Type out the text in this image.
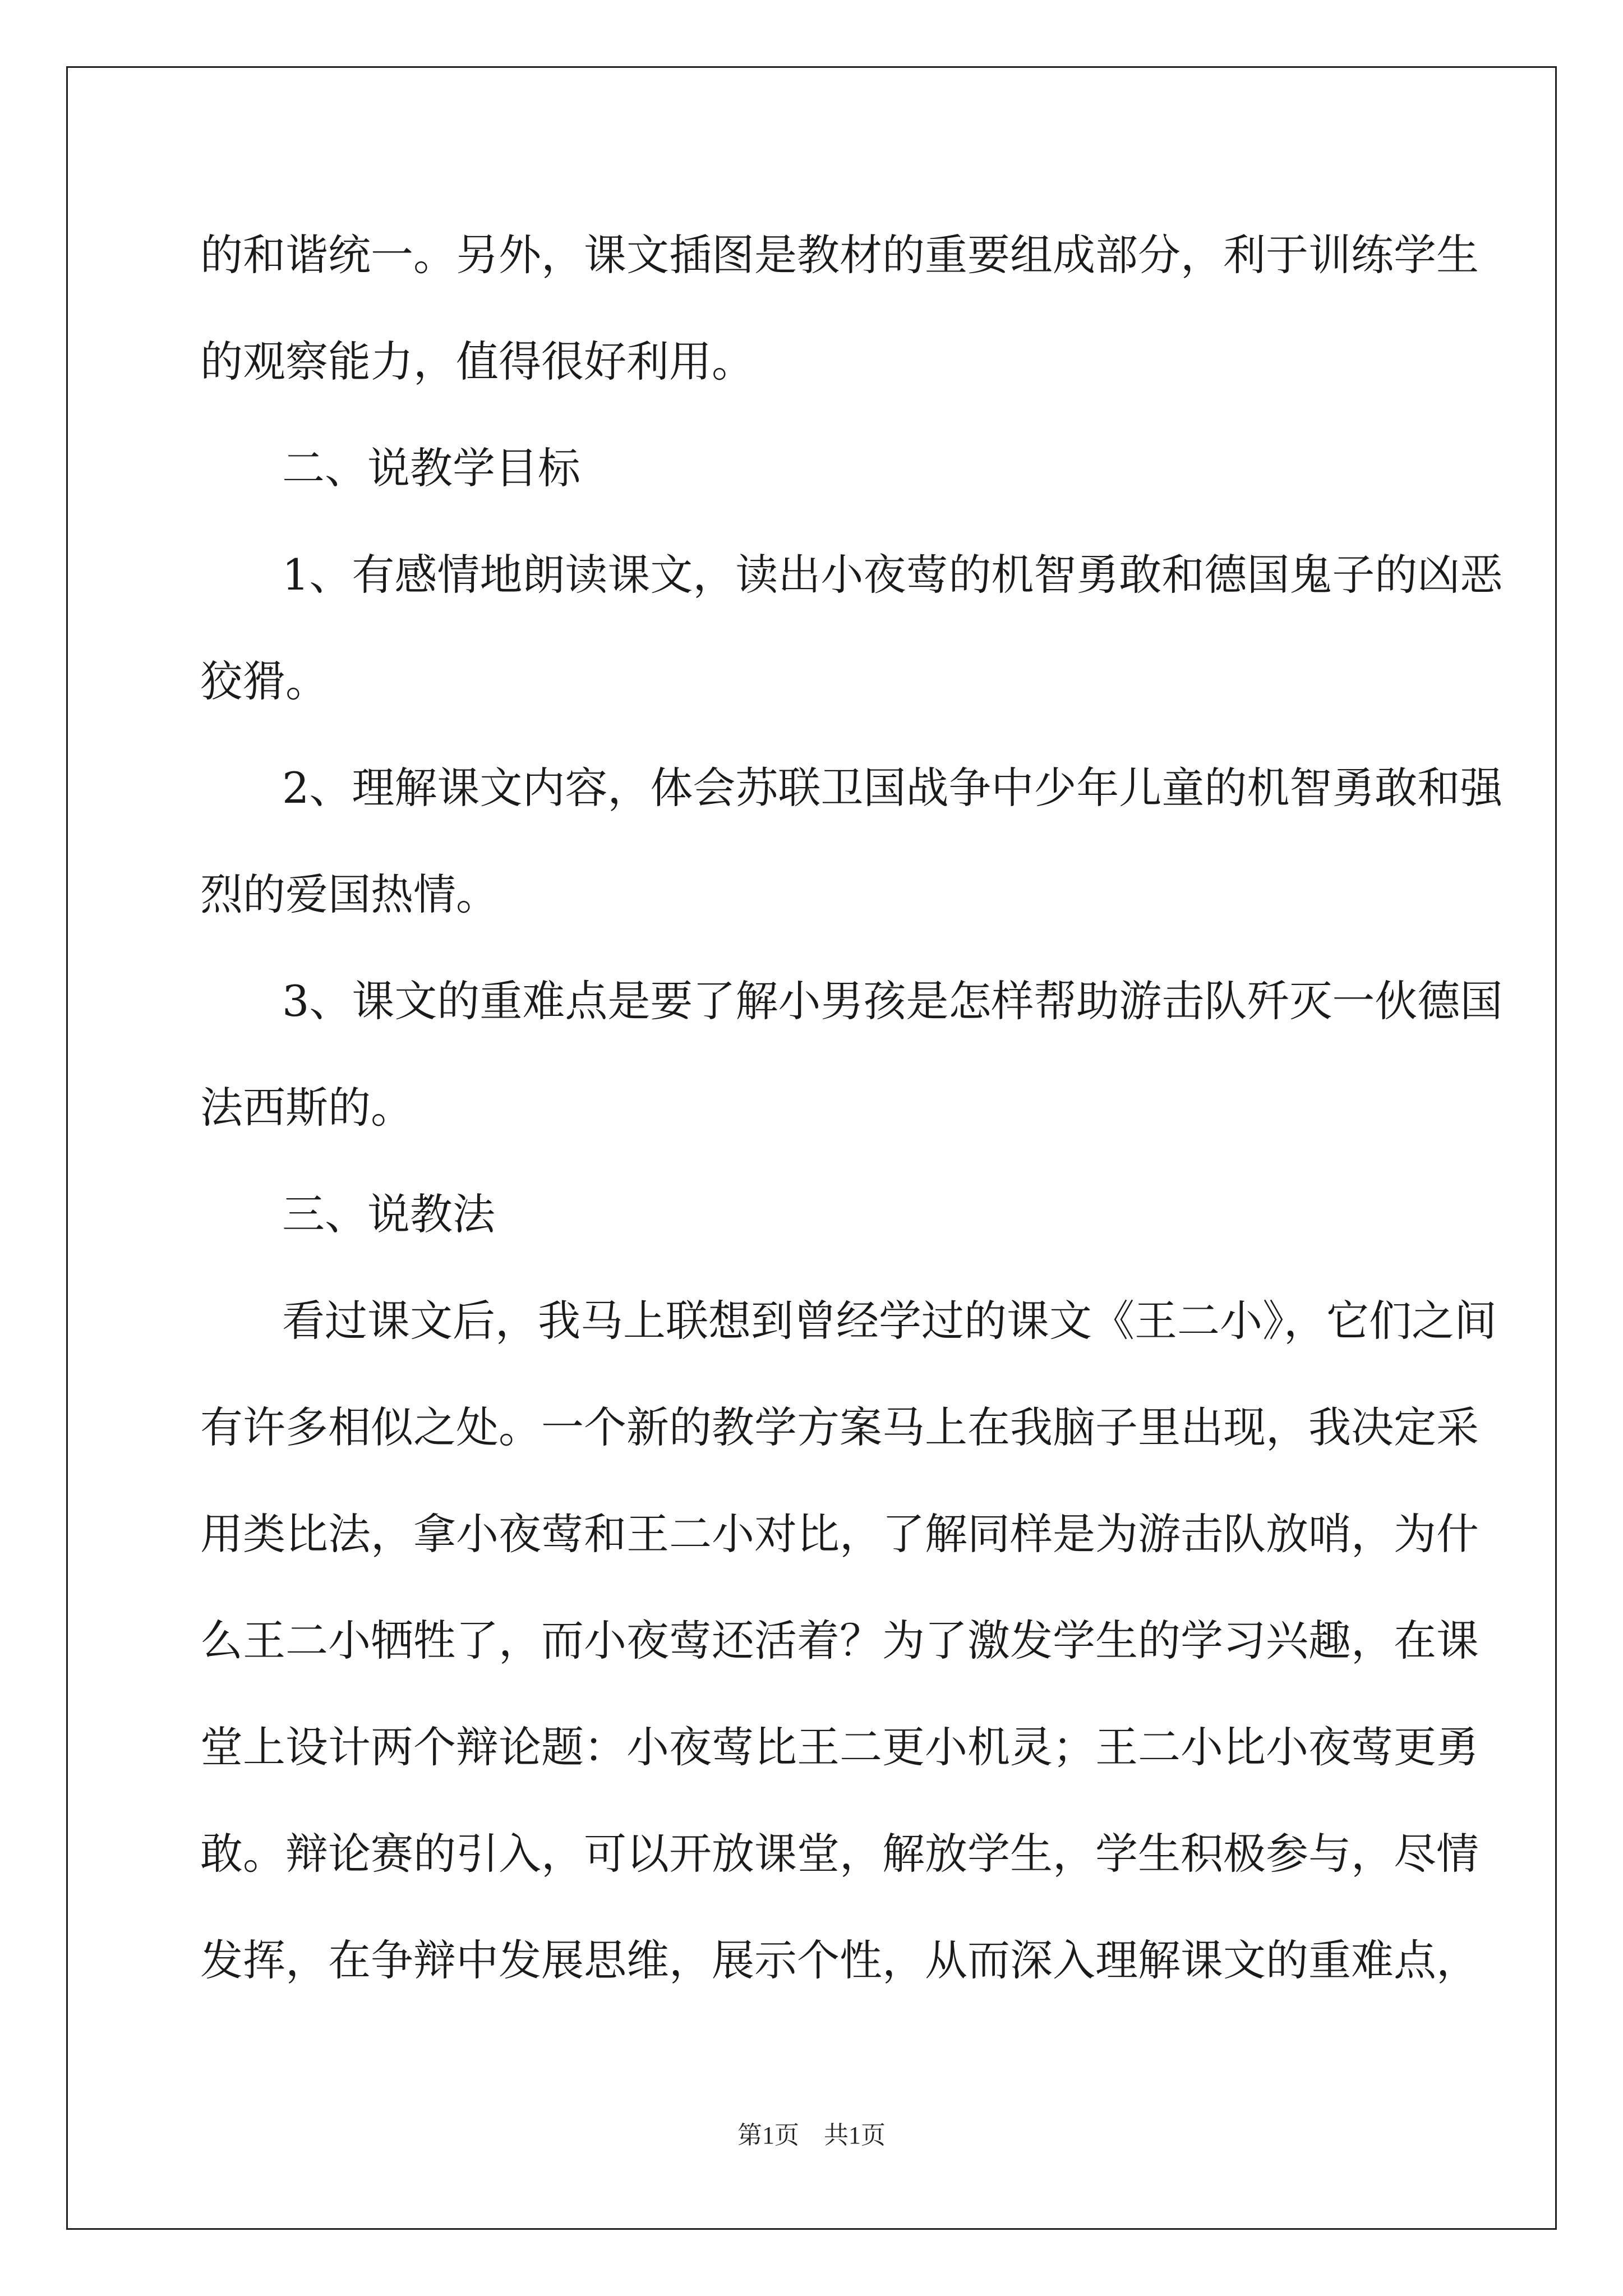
的和谐统一。另外，课文插图是教材的重要组成部分，利于训练学生
的观察能力，值得很好利用。
二、说教学目标
1、有感情地朗读课文，读出小夜莺的机智勇敢和德国鬼子的凶恶
狡猾。
2、理解课文内容，体会苏联卫国战争中少年儿童的机智勇敢和强
烈的爱国热情。
3、课文的重难点是要了解小男孩是怎样帮助游击队歼灭一伙德国
法西斯的。
三、说教法
看过课文后，我马上联想到曾经学过的课文《王二小》，它们之间
有许多相似之处。一个新的教学方案马上在我脑子里出现，我决定采
用类比法，拿小夜莺和王二小对比，了解同样是为游击队放哨，为什
么王二小牺牲了，而小夜莺还活着？为了激发学生的学习兴趣，在课
堂上设计两个辩论题：小夜莺比王二更小机灵；王二小比小夜莺更勇
敢。辩论赛的引入，可以开放课堂，解放学生，学生积极参与，尽情
发挥，在争辩中发展思维，展示个性，从而深入理解课文的重难点，
第1页　共1页
